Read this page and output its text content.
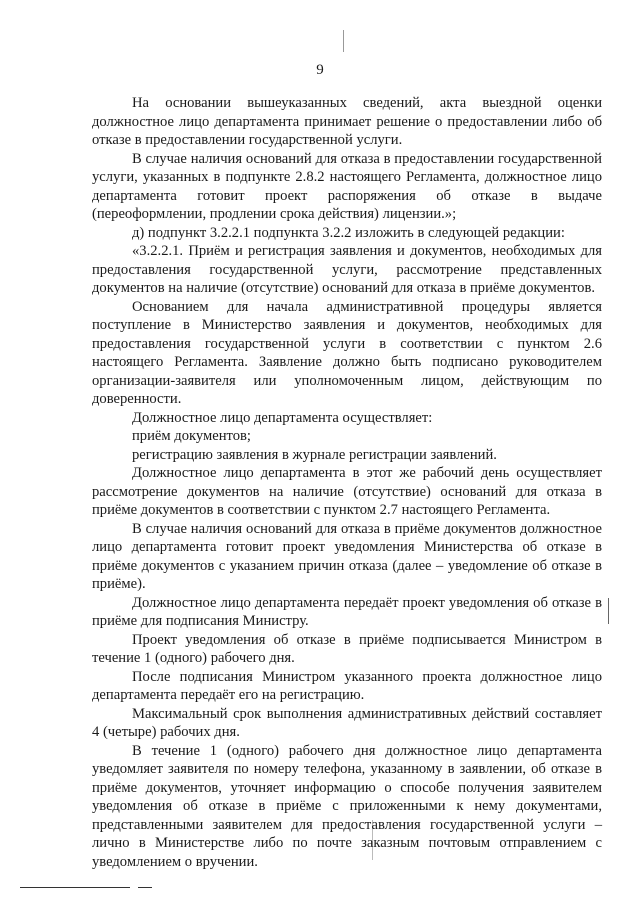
9

На основании вышеуказанных сведений, акта выездной оценки должностное лицо департамента принимает решение о предоставлении либо об отказе в предоставлении государственной услуги.

В случае наличия оснований для отказа в предоставлении государственной услуги, указанных в подпункте 2.8.2 настоящего Регламента, должностное лицо департамента готовит проект распоряжения об отказе в выдаче (переоформлении, продлении срока действия) лицензии.»;

д) подпункт 3.2.2.1 подпункта 3.2.2 изложить в следующей редакции:

«3.2.2.1. Приём и регистрация заявления и документов, необходимых для предоставления государственной услуги, рассмотрение представленных документов на наличие (отсутствие) оснований для отказа в приёме документов.

Основанием для начала административной процедуры является поступление в Министерство заявления и документов, необходимых для предоставления государственной услуги в соответствии с пунктом 2.6 настоящего Регламента. Заявление должно быть подписано руководителем организации-заявителя или уполномоченным лицом, действующим по доверенности.

Должностное лицо департамента осуществляет:

приём документов;

регистрацию заявления в журнале регистрации заявлений.

Должностное лицо департамента в этот же рабочий день осуществляет рассмотрение документов на наличие (отсутствие) оснований для отказа в приёме документов в соответствии с пунктом 2.7 настоящего Регламента.

В случае наличия оснований для отказа в приёме документов должностное лицо департамента готовит проект уведомления Министерства об отказе в приёме документов с указанием причин отказа (далее – уведомление об отказе в приёме).

Должностное лицо департамента передаёт проект уведомления об отказе в приёме для подписания Министру.

Проект уведомления об отказе в приёме подписывается Министром в течение 1 (одного) рабочего дня.

После подписания Министром указанного проекта должностное лицо департамента передаёт его на регистрацию.

Максимальный срок выполнения административных действий составляет 4 (четыре) рабочих дня.

В течение 1 (одного) рабочего дня должностное лицо департамента уведомляет заявителя по номеру телефона, указанному в заявлении, об отказе в приёме документов, уточняет информацию о способе получения заявителем уведомления об отказе в приёме с приложенными к нему документами, представленными заявителем для предоставления государственной услуги – лично в Министерстве либо по почте заказным почтовым отправлением с уведомлением о вручении.
